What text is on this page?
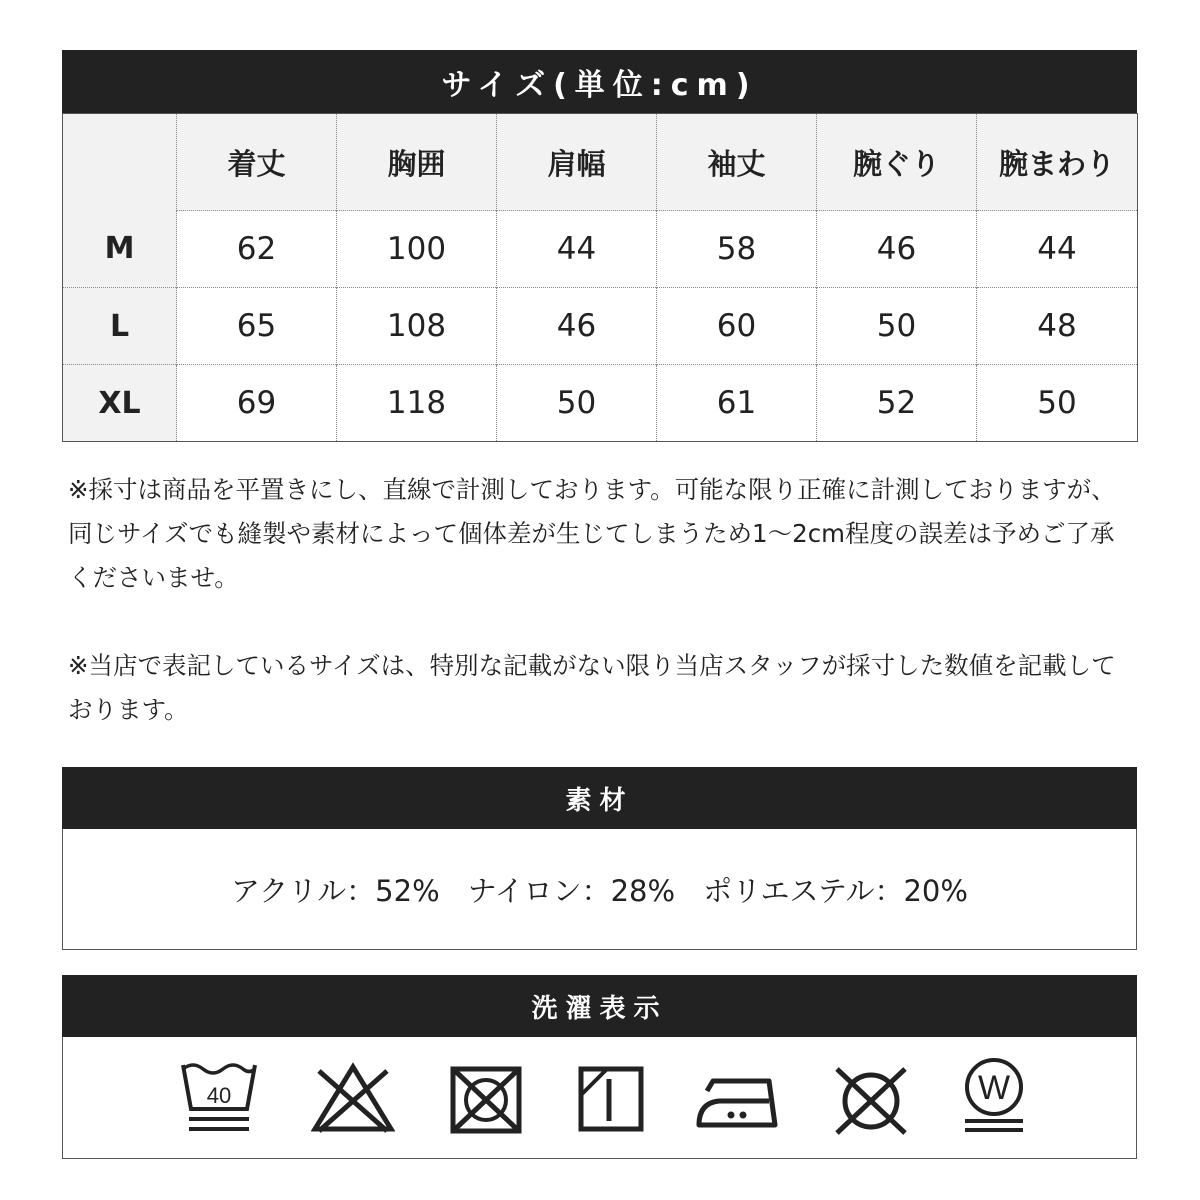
サイズ(単位:cm)
	着丈	胸囲	肩幅	袖丈	腕ぐり	腕まわり
M	62	100	44	58	46	44
L	65	108	46	60	50	48
XL	69	118	50	61	52	50
※採寸は商品を平置きにし、直線で計測しております。可能な限り正確に計測しておりますが、同じサイズでも縫製や素材によって個体差が生じてしまうため1～2cm程度の誤差は予めご了承くださいませ。
※当店で表記しているサイズは、特別な記載がない限り当店スタッフが採寸した数値を記載しております。
素材
アクリル：52% ナイロン：28% ポリエステル：20%
洗濯表示
40	W
